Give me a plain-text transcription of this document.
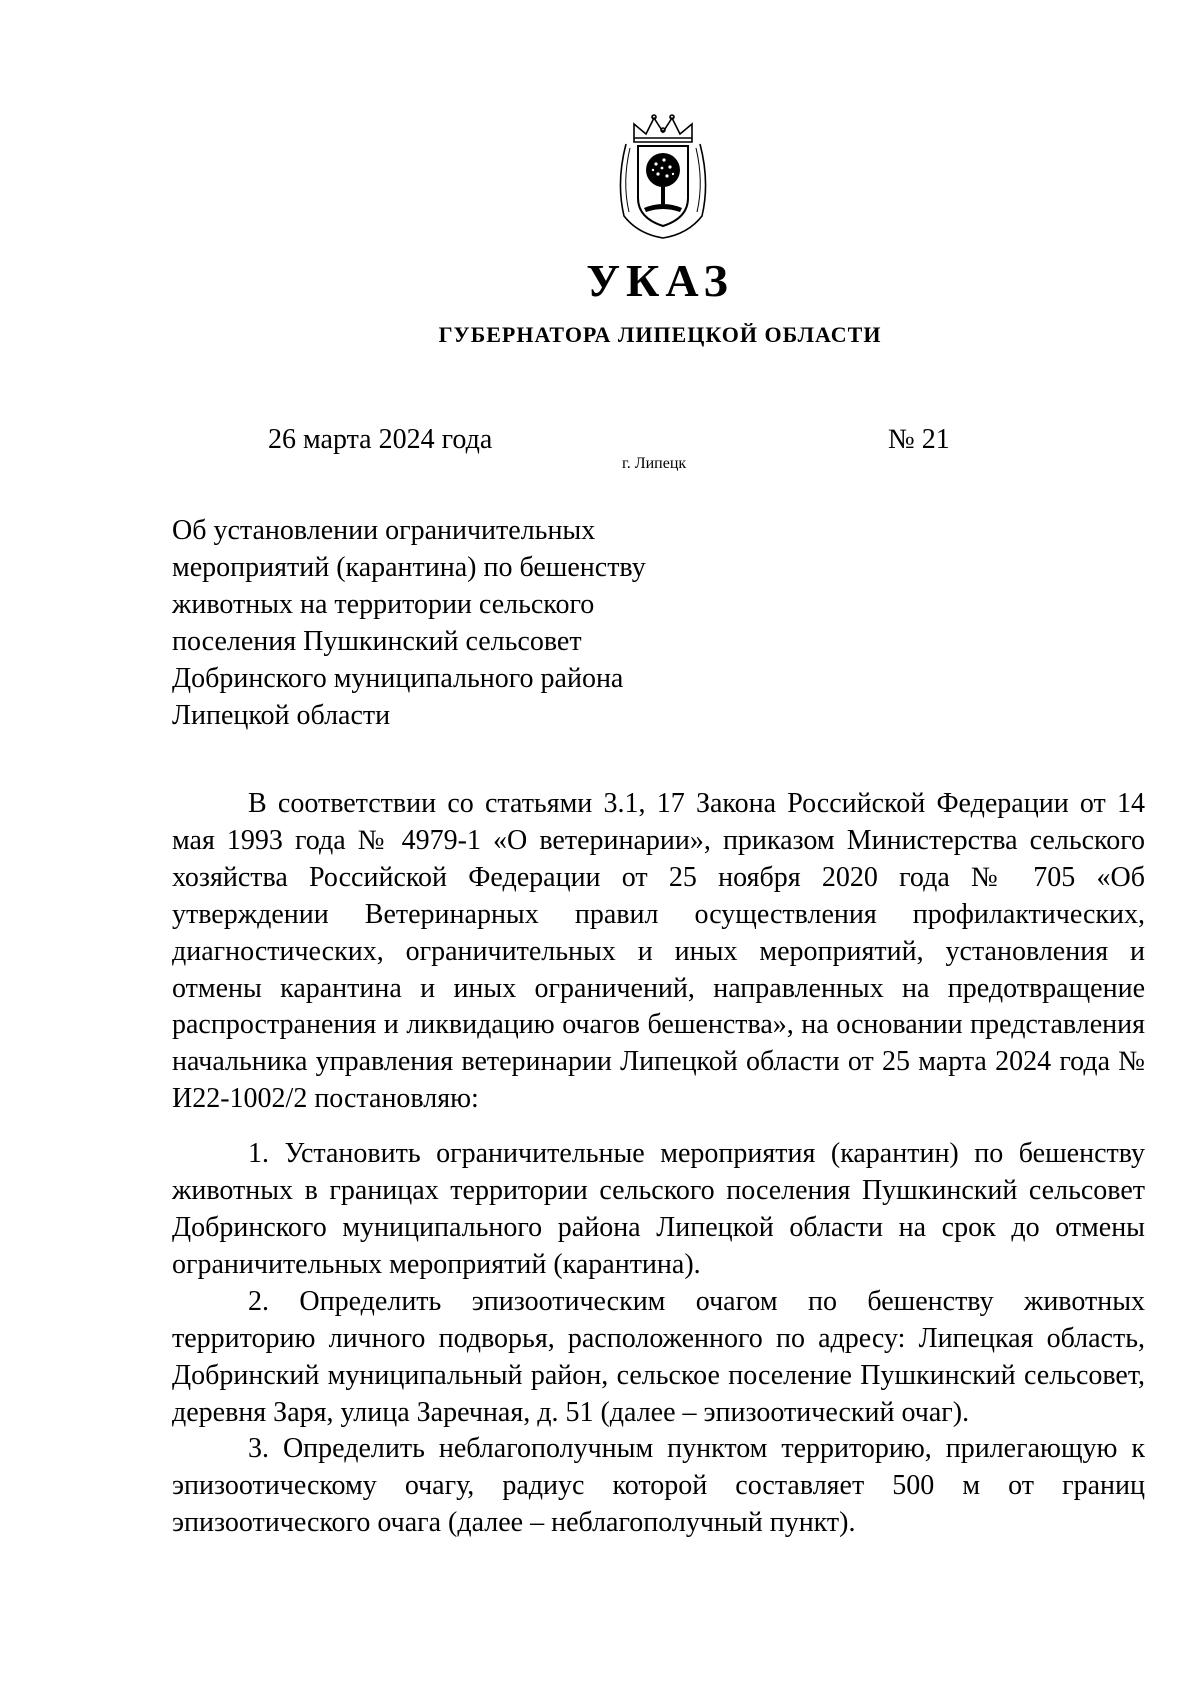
УКАЗ
ГУБЕРНАТОРА ЛИПЕЦКОЙ ОБЛАСТИ
26 марта 2024 года
г. Липецк
№ 21
Об установлении ограничительных
мероприятий (карантина) по бешенству
животных на территории сельского
поселения Пушкинский сельсовет
Добринского муниципального района
Липецкой области

В соответствии со статьями 3.1, 17 Закона Российской Федерации от 14 мая 1993 года № 4979-1 «О ветеринарии», приказом Министерства сельского хозяйства Российской Федерации от 25 ноября 2020 года № 705 «Об утверждении Ветеринарных правил осуществления профилактических, диагностических, ограничительных и иных мероприятий, установления и отмены карантина и иных ограничений, направленных на предотвращение распространения и ликвидацию очагов бешенства», на основании представления начальника управления ветеринарии Липецкой области от 25 марта 2024 года № И22-1002/2 постановляю:

1. Установить ограничительные мероприятия (карантин) по бешенству животных в границах территории сельского поселения Пушкинский сельсовет Добринского муниципального района Липецкой области на срок до отмены ограничительных мероприятий (карантина).

2. Определить эпизоотическим очагом по бешенству животных территорию личного подворья, расположенного по адресу: Липецкая область, Добринский муниципальный район, сельское поселение Пушкинский сельсовет, деревня Заря, улица Заречная, д. 51 (далее – эпизоотический очаг).

3. Определить неблагополучным пунктом территорию, прилегающую к эпизоотическому очагу, радиус которой составляет 500 м от границ эпизоотического очага (далее – неблагополучный пункт).
